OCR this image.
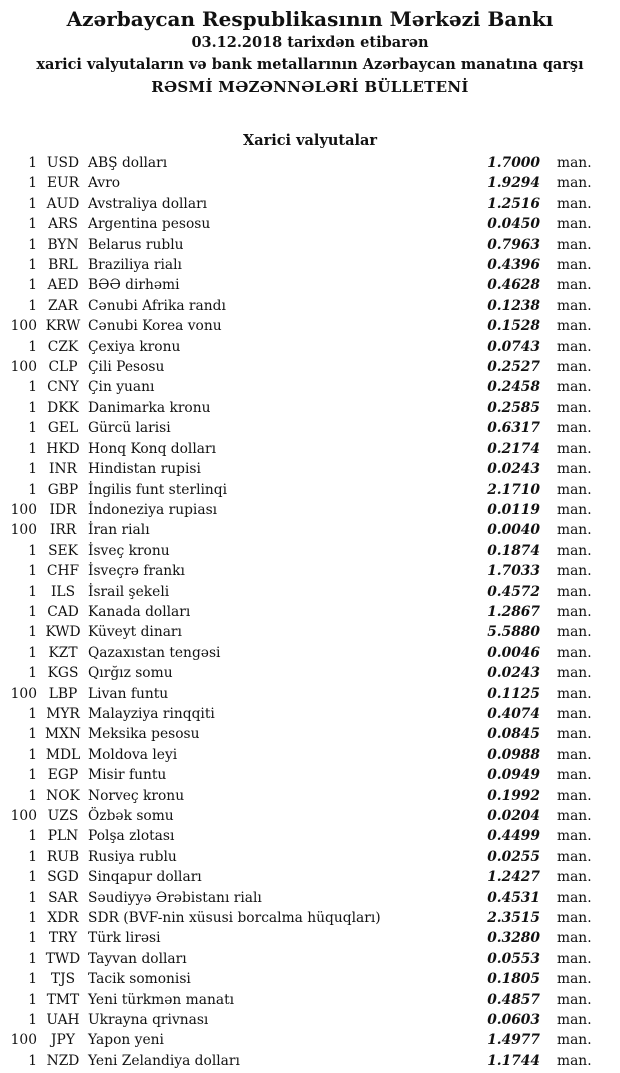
Azərbaycan Respublikasının Mərkəzi Bankı
03.12.2018 tarixdən etibarən
xarici valyutaların və bank metallarının Azərbaycan manatına qarşı
RƏSMİ MƏZƏNNƏLƏRİ BÜLLETENİ
Xarici valyutalar
1 USD ABŞ dolları	1.7000	man.
1 EUR Avro	1.9294	man.
1 AUD Avstraliya dolları	1.2516	man.
1 ARS Argentina pesosu	0.0450	man.
1 BYN Belarus rublu	0.7963	man.
1 BRL Braziliya rialı	0.4396	man.
1 AED BƏƏ dirhəmi	0.4628	man.
1 ZAR Cənubi Afrika randı	0.1238	man.
100 KRW Cənubi Korea vonu	0.1528	man.
1 CZK Çexiya kronu	0.0743	man.
100 CLP Çili Pesosu	0.2527	man.
1 CNY Çin yuanı	0.2458	man.
1 DKK Danimarka kronu	0.2585	man.
1 GEL Gürcü larisi	0.6317	man.
1 HKD Honq Konq dolları	0.2174	man.
1 INR Hindistan rupisi	0.0243	man.
1 GBP İngilis funt sterlinqi	2.1710	man.
100 IDR İndoneziya rupiası	0.0119	man.
100 IRR İran rialı	0.0040	man.
1 SEK İsveç kronu	0.1874	man.
1 CHF İsveçrə frankı	1.7033	man.
1	ILS İsrail şekeli	0.4572	man.
1 CAD Kanada dolları	1.2867	man.
1 KWD Küveyt dinarı	5.5880	man.
1 KZT Qazaxıstan tengəsi	0.0046	man.
1 KGS Qırğız somu	0.0243	man.
100 LBP Livan funtu	0.1125	man.
1 MYR Malayziya rinqqiti	0.4074	man.
1 MXN Meksika pesosu	0.0845	man.
1 MDL Moldova leyi	0.0988	man.
1 EGP Misir funtu	0.0949	man.
1 NOK Norveç kronu	0.1992	man.
100 UZS Özbək somu	0.0204	man.
1 PLN Polşa zlotası	0.4499	man.
1 RUB Rusiya rublu	0.0255	man.
1 SGD Sinqapur dolları	1.2427	man.
1 SAR Səudiyyə Ərəbistanı rialı	0.4531	man.
1 XDR SDR (BVF-nin xüsusi borcalma hüquqları)	2.3515	man.
1 TRY Türk lirəsi	0.3280	man.
1 TWD Tayvan dolları	0.0553	man.
1	TJS Tacik somonisi	0.1805	man.
1 TMT Yeni türkmən manatı	0.4857	man.
1 UAH Ukrayna qrivnası	0.0603	man.
100	JPY Yapon yeni	1.4977	man.
1 NZD Yeni Zelandiya dolları	1.1744	man.
